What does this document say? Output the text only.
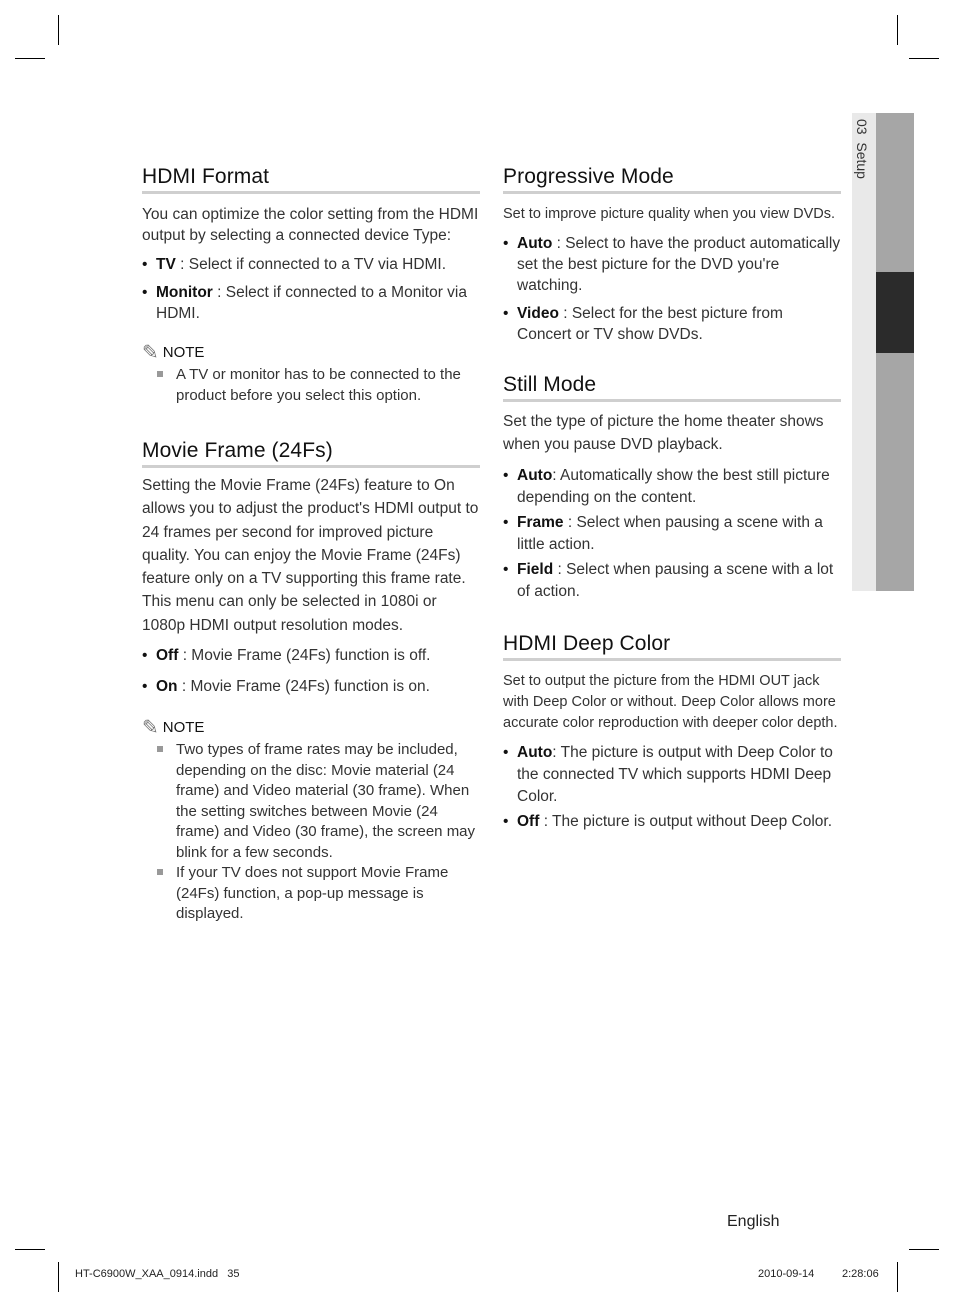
03  Setup
HDMI Format

You can optimize the color setting from the HDMI output by selecting a connected device Type:

• TV : Select if connected to a TV via HDMI.
• Monitor : Select if connected to a Monitor via HDMI.
✎ NOTE
A TV or monitor has to be connected to the product before you select this option.
Movie Frame (24Fs)

Setting the Movie Frame (24Fs) feature to On allows you to adjust the product's HDMI output to 24 frames per second for improved picture quality. You can enjoy the Movie Frame (24Fs) feature only on a TV supporting this frame rate. This menu can only be selected in 1080i or 1080p HDMI output resolution modes.

• Off : Movie Frame (24Fs) function is off.
• On : Movie Frame (24Fs) function is on.
✎ NOTE
Two types of frame rates may be included, depending on the disc: Movie material (24 frame) and Video material (30 frame). When the setting switches between Movie (24 frame) and Video (30 frame), the screen may blink for a few seconds.
If your TV does not support Movie Frame (24Fs) function, a pop-up message is displayed.
Progressive Mode

Set to improve picture quality when you view DVDs.

• Auto : Select to have the product automatically set the best picture for the DVD you're watching.
• Video : Select for the best picture from Concert or TV show DVDs.
Still Mode

Set the type of picture the home theater shows when you pause DVD playback.

• Auto: Automatically show the best still picture depending on the content.
• Frame : Select when pausing a scene with a little action.
• Field : Select when pausing a scene with a lot of action.
HDMI Deep Color

Set to output the picture from the HDMI OUT jack with Deep Color or without. Deep Color allows more accurate color reproduction with deeper color depth.

• Auto: The picture is output with Deep Color to the connected TV which supports HDMI Deep Color.
• Off : The picture is output without Deep Color.
English
HT-C6900W_XAA_0914.indd   35	2010-09-14	2:28:06
